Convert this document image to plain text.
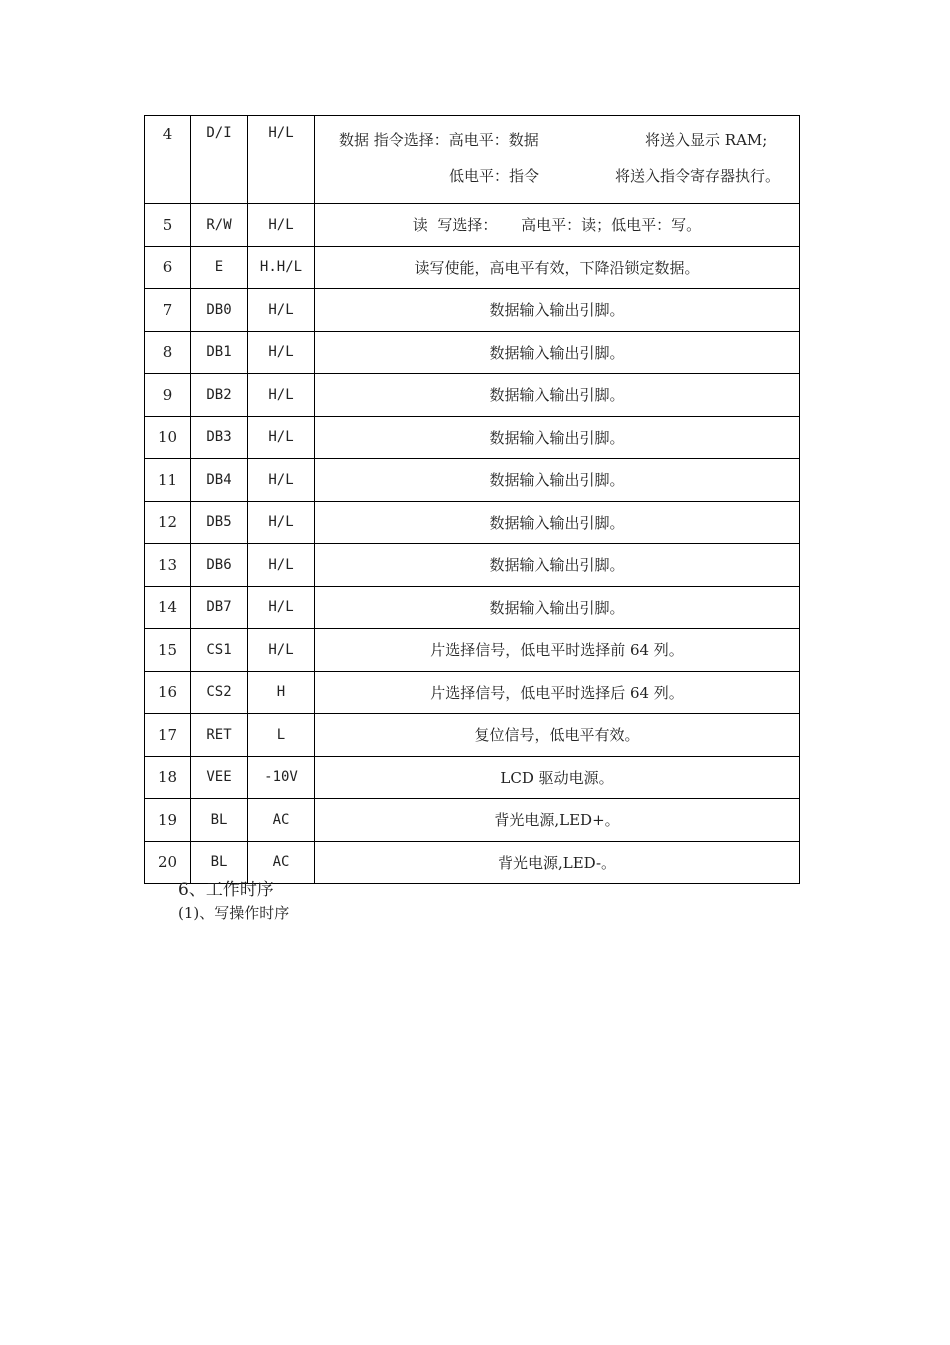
4	D/I	H/L	数据 指令选择：高电平：数据 将送入显示 RAM;
低电平：指令 将送入指令寄存器执行。

5	R/W	H/L	读  写选择：     高电平：读；低电平：写。
6	E	H.H/L	读写使能，高电平有效，下降沿锁定数据。
7	DB0	H/L	数据输入输出引脚。
8	DB1	H/L	数据输入输出引脚。
9	DB2	H/L	数据输入输出引脚。
10	DB3	H/L	数据输入输出引脚。
11	DB4	H/L	数据输入输出引脚。
12	DB5	H/L	数据输入输出引脚。
13	DB6	H/L	数据输入输出引脚。
14	DB7	H/L	数据输入输出引脚。
15	CS1	H/L	片选择信号，低电平时选择前 64 列。
16	CS2	H	片选择信号，低电平时选择后 64 列。
17	RET	L	复位信号，低电平有效。
18	VEE	-10V	LCD 驱动电源。
19	BL	AC	背光电源,LED+。
20	BL	AC	背光电源,LED-。
6、工作时序
(1)、写操作时序
